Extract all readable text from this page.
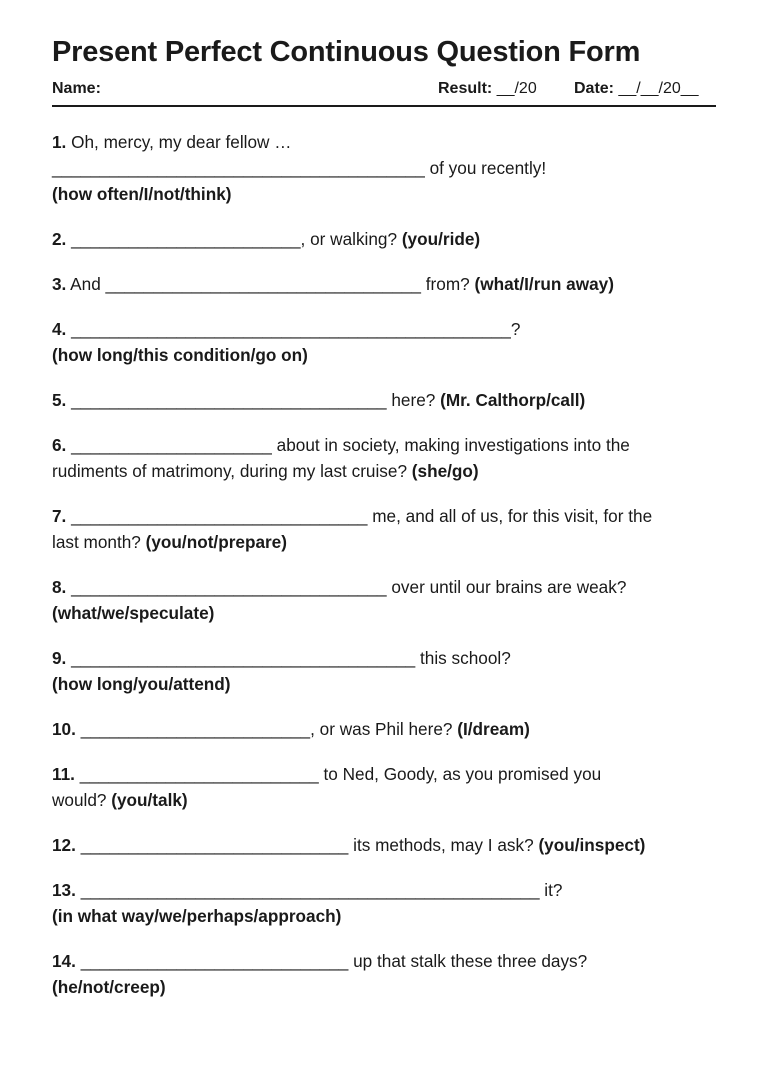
Present Perfect Continuous Question Form
Name:	Result: __/20 Date: __/__/20__
1. Oh, mercy, my dear fellow …
_______________________________________ of you recently!
(how often/I/not/think)
2. ________________________, or walking? (you/ride)
3. And _________________________________ from? (what/I/run away)
4. ______________________________________________?
(how long/this condition/go on)
5. _________________________________ here? (Mr. Calthorp/call)
6. _____________________ about in society, making investigations into the
rudiments of matrimony, during my last cruise? (she/go)
7. _______________________________ me, and all of us, for this visit, for the
last month? (you/not/prepare)
8. _________________________________ over until our brains are weak?
(what/we/speculate)
9. ____________________________________ this school?
(how long/you/attend)
10. ________________________, or was Phil here? (I/dream)
11. _________________________ to Ned, Goody, as you promised you
would? (you/talk)
12. ____________________________ its methods, may I ask? (you/inspect)
13. ________________________________________________ it?
(in what way/we/perhaps/approach)
14. ____________________________ up that stalk these three days?
(he/not/creep)
